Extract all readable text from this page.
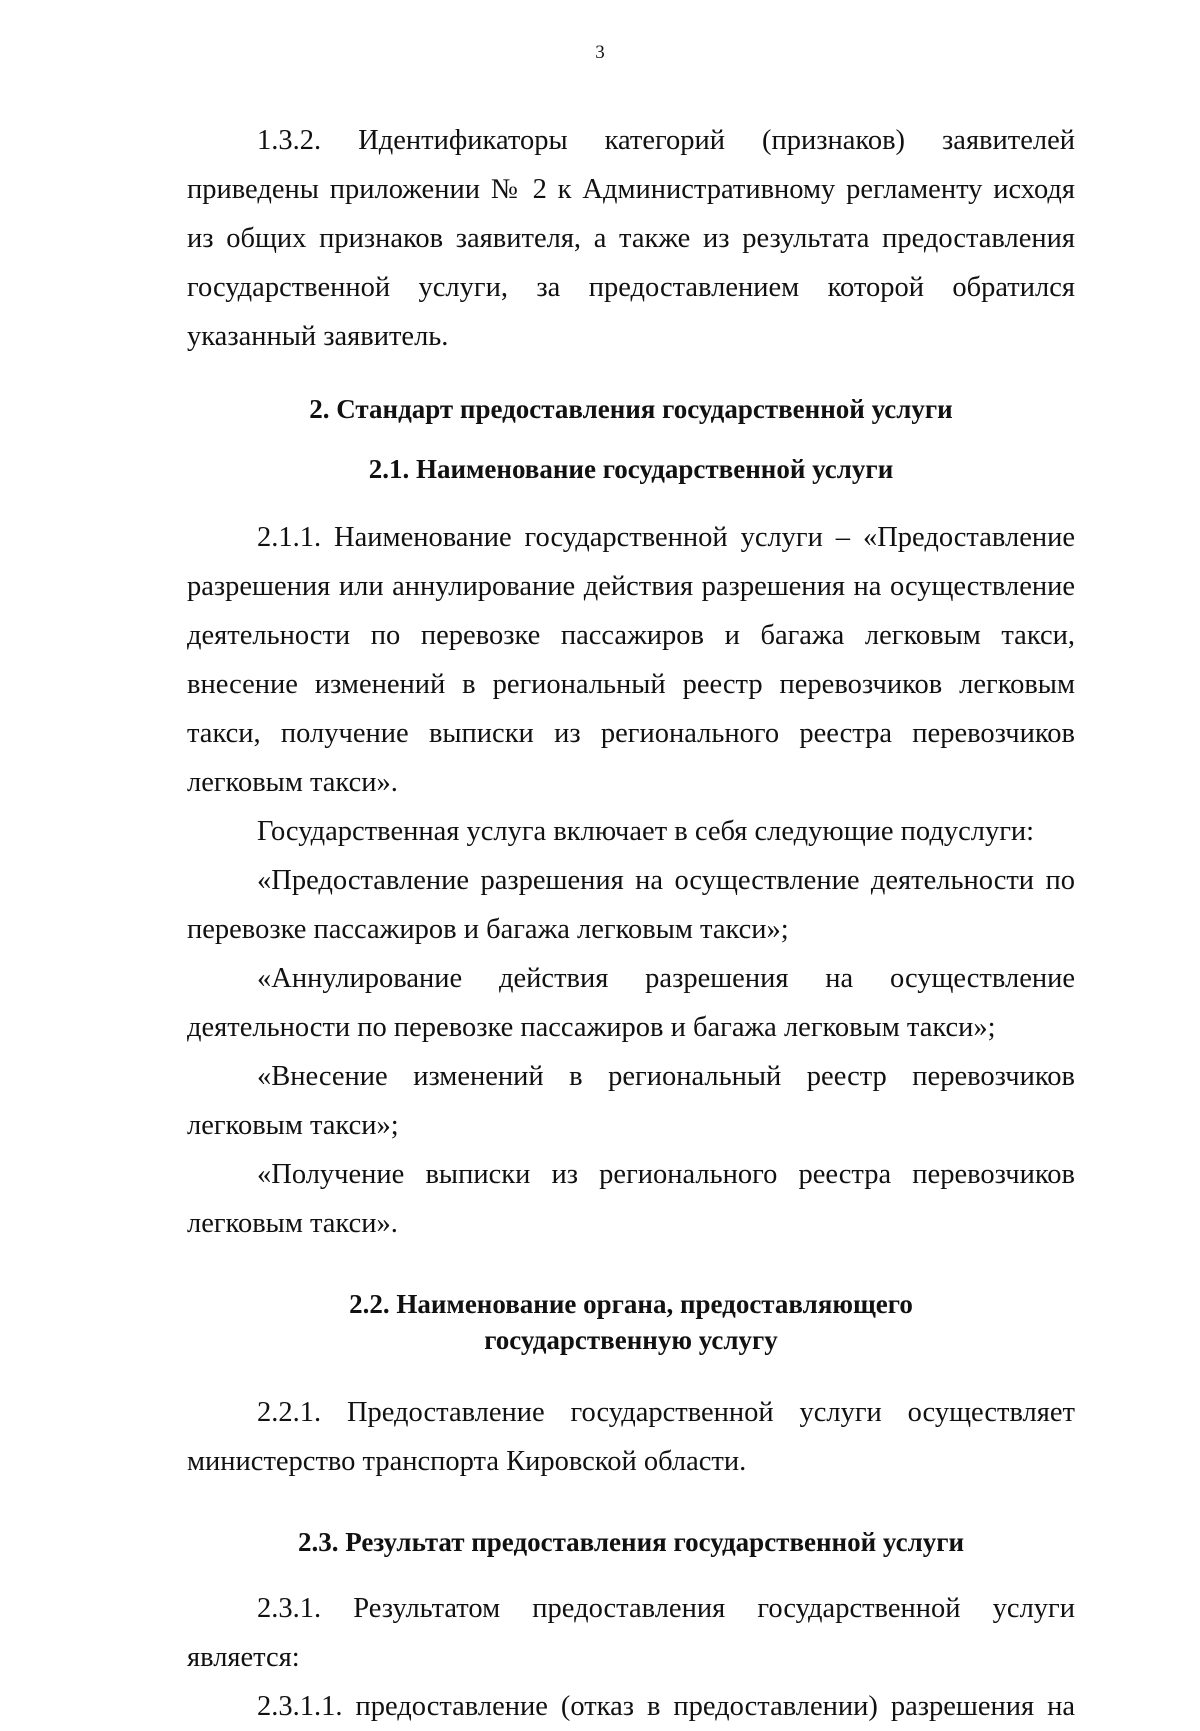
3

1.3.2. Идентификаторы категорий (признаков) заявителей приведены приложении № 2 к Административному регламенту исходя из общих признаков заявителя, а также из результата предоставления государственной услуги, за предоставлением которой обратился указанный заявитель.

2. Стандарт предоставления государственной услуги
2.1. Наименование государственной услуги

2.1.1. Наименование государственной услуги – «Предоставление разрешения или аннулирование действия разрешения на осуществление деятельности по перевозке пассажиров и багажа легковым такси, внесение изменений в региональный реестр перевозчиков легковым такси, получение выписки из регионального реестра перевозчиков легковым такси».

Государственная услуга включает в себя следующие подуслуги:

«Предоставление разрешения на осуществление деятельности по перевозке пассажиров и багажа легковым такси»;

«Аннулирование действия разрешения на осуществление деятельности по перевозке пассажиров и багажа легковым такси»;

«Внесение изменений в региональный реестр перевозчиков легковым такси»;

«Получение выписки из регионального реестра перевозчиков легковым такси».

2.2. Наименование органа, предоставляющего
государственную услугу

2.2.1. Предоставление государственной услуги осуществляет министерство транспорта Кировской области.

2.3. Результат предоставления государственной услуги

2.3.1. Результатом предоставления государственной услуги является:

2.3.1.1. предоставление (отказ в предоставлении) разрешения на
